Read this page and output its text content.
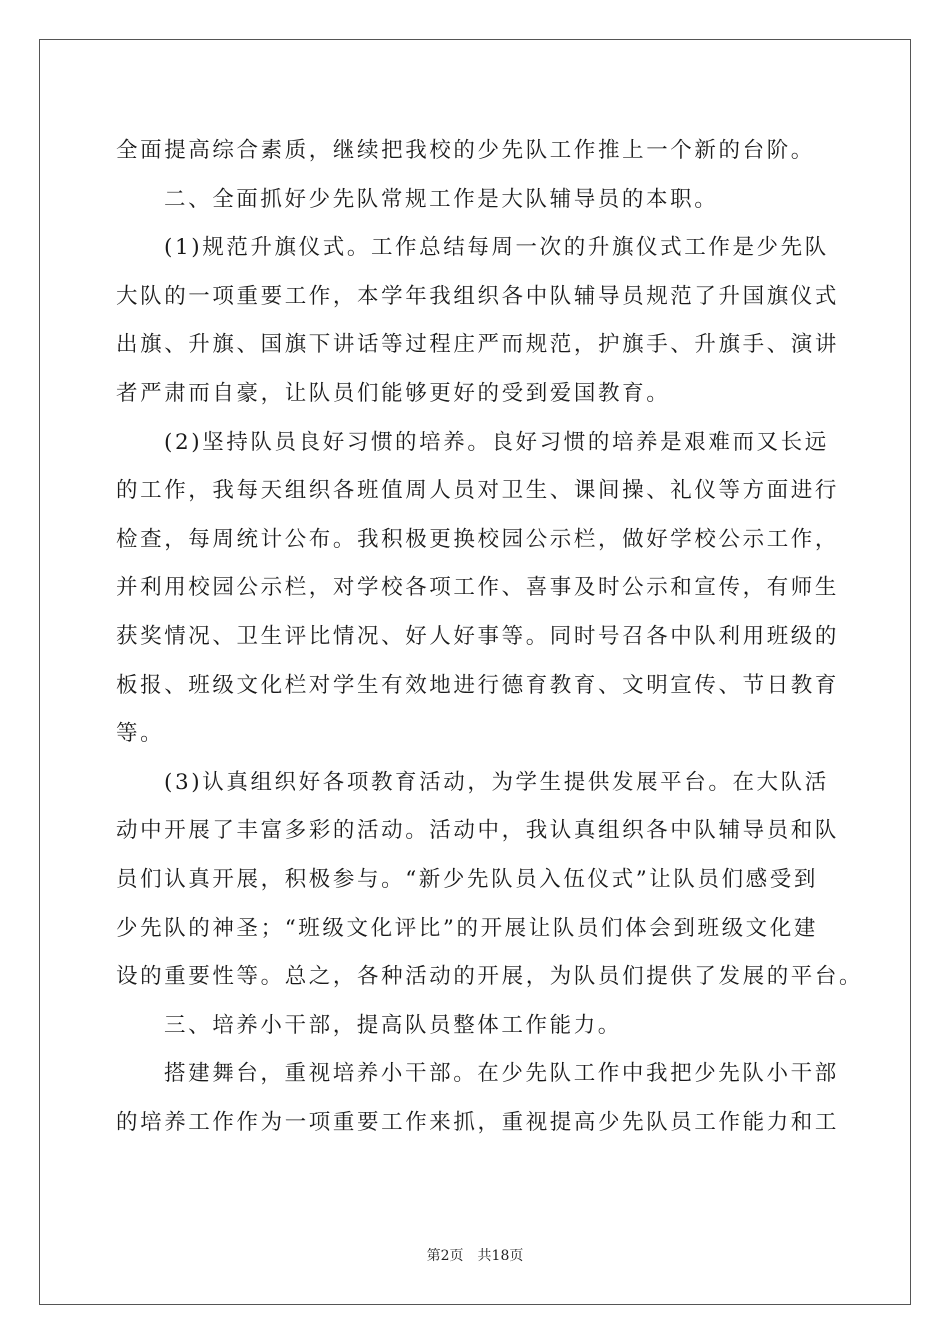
全面提高综合素质，继续把我校的少先队工作推上一个新的台阶。
二、全面抓好少先队常规工作是大队辅导员的本职。
(1)规范升旗仪式。工作总结每周一次的升旗仪式工作是少先队
大队的一项重要工作，本学年我组织各中队辅导员规范了升国旗仪式
出旗、升旗、国旗下讲话等过程庄严而规范，护旗手、升旗手、演讲
者严肃而自豪，让队员们能够更好的受到爱国教育。
(2)坚持队员良好习惯的培养。良好习惯的培养是艰难而又长远
的工作，我每天组织各班值周人员对卫生、课间操、礼仪等方面进行
检查，每周统计公布。我积极更换校园公示栏，做好学校公示工作，
并利用校园公示栏，对学校各项工作、喜事及时公示和宣传，有师生
获奖情况、卫生评比情况、好人好事等。同时号召各中队利用班级的
板报、班级文化栏对学生有效地进行德育教育、文明宣传、节日教育
等。
(3)认真组织好各项教育活动，为学生提供发展平台。在大队活
动中开展了丰富多彩的活动。活动中，我认真组织各中队辅导员和队
员们认真开展，积极参与。“新少先队员入伍仪式”让队员们感受到
少先队的神圣；“班级文化评比”的开展让队员们体会到班级文化建
设的重要性等。总之，各种活动的开展，为队员们提供了发展的平台。
三、培养小干部，提高队员整体工作能力。
搭建舞台，重视培养小干部。在少先队工作中我把少先队小干部
的培养工作作为一项重要工作来抓，重视提高少先队员工作能力和工
第2页　共18页
